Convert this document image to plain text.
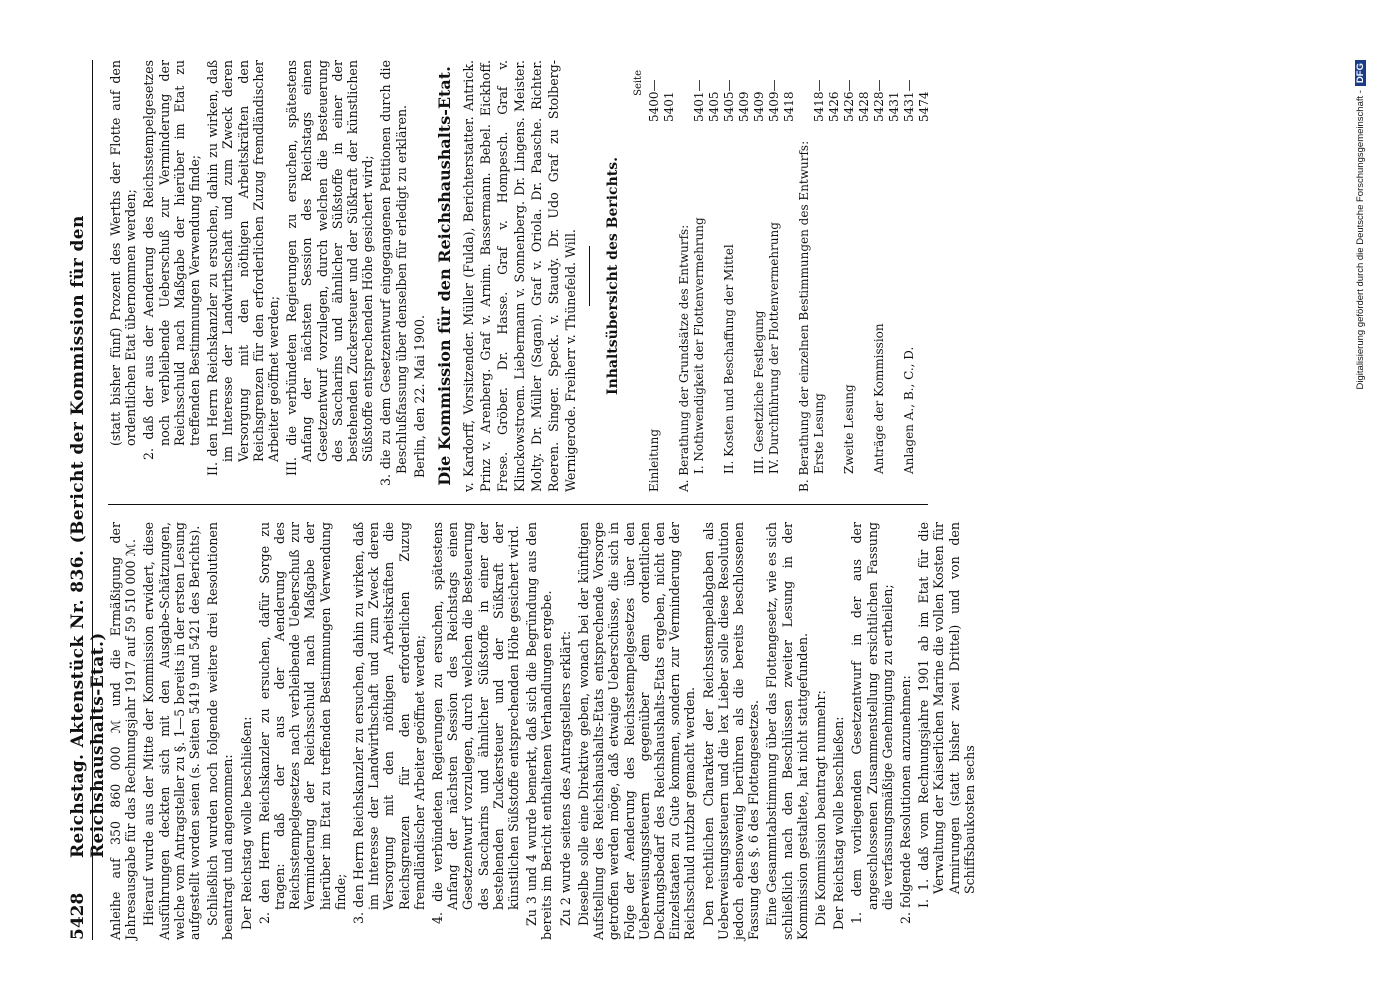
5428
Reichstag. Aktenstück Nr. 836. (Bericht der Kommission für den Reichshaushalts-Etat.) Anleihe auf 350 860 000 ℳ und die Ermäßigung der Jahresausgabe für das Rechnungsjahr 1917 auf 59 510 000 ℳ. Hierauf wurde aus der Mitte der Kommission erwidert, diese Ausführungen deckten sich mit den Ausgabe-Schätzungen, welche vom Antragsteller zu §. 1—5 bereits in der ersten Lesung aufgestellt worden seien (s. Seiten 5419 und 5421 des Berichts). Schließlich wurden noch folgende weitere drei Resolutionen beantragt und angenommen: Der Reichstag wolle beschließen: 2. den Herrn Reichskanzler zu ersuchen, dafür Sorge zu tragen: daß der aus der Aenderung des Reichsstempelgesetzes nach verbleibende Ueberschuß zur Verminderung der Reichsschuld nach Maßgabe der hierüber im Etat zu treffenden Bestimmungen Verwendung finde; 3. den Herrn Reichskanzler zu ersuchen, dahin zu wirken, daß im Interesse der Landwirthschaft und zum Zweck deren Versorgung mit den nöthigen Arbeitskräften die Reichsgrenzen für den erforderlichen Zuzug fremdländischer Arbeiter geöffnet werden; 4. die verbündeten Regierungen zu ersuchen, spätestens Anfang der nächsten Session des Reichstags einen Gesetzentwurf vorzulegen, durch welchen die Besteuerung des Saccharins und ähnlicher Süßstoffe in einer der bestehenden Zuckersteuer und der Süßkraft der künstlichen Süßstoffe entsprechenden Höhe gesichert wird. Zu 3 und 4 wurde bemerkt, daß sich die Begründung aus den bereits im Bericht enthaltenen Verhandlungen ergebe. Zu 2 wurde seitens des Antragstellers erklärt: Dieselbe solle eine Direktive geben, wonach bei der künftigen Aufstellung des Reichshaushalts-Etats entsprechende Vorsorge getroffen werden möge, daß etwaige Ueberschüsse, die sich in Folge der Aenderung des Reichsstempelgesetzes über den Ueberweisungssteuern gegenüber dem ordentlichen Deckungsbedarf des Reichshaushalts-Etats ergeben, nicht den Einzelstaaten zu Gute kommen, sondern zur Verminderung der Reichsschuld nutzbar gemacht werden. Den rechtlichen Charakter der Reichsstempelabgaben als Ueberweisungssteuern und die lex Lieber solle diese Resolution jedoch ebensowenig berühren als die bereits beschlossenen Fassung des §. 6 des Flottengesetzes. Eine Gesammtabstimmung über das Flottengesetz, wie es sich schließlich nach den Beschlüssen zweiter Lesung in der Kommission gestaltete, hat nicht stattgefunden. Die Kommission beantragt nunmehr: Der Reichstag wolle beschließen: 1. dem vorliegenden Gesetzentwurf in der aus der angeschlossenen Zusammenstellung ersichtlichen Fassung die verfassungsmäßige Genehmigung zu ertheilen; 2. folgende Resolutionen anzunehmen: I. 1. daß vom Rechnungsjahre 1901 ab im Etat für die Verwaltung der Kaiserlichen Marine die vollen Kosten für Armirungen (statt bisher zwei Drittel) und von den Schiffsbaukosten sechs

(statt bisher fünf) Prozent des Werths der Flotte auf den ordentlichen Etat übernommen werden; 2. daß der aus der Aenderung des Reichsstempelgesetzes noch verbleibende Ueberschuß zur Verminderung der Reichsschuld nach Maßgabe der hierüber im Etat zu treffenden Bestimmungen Verwendung finde; II. den Herrn Reichskanzler zu ersuchen, dahin zu wirken, daß im Interesse der Landwirthschaft und zum Zweck deren Versorgung mit den nöthigen Arbeitskräften den Reichsgrenzen für den erforderlichen Zuzug fremdländischer Arbeiter geöffnet werden; III. die verbündeten Regierungen zu ersuchen, spätestens Anfang der nächsten Session des Reichstags einen Gesetzentwurf vorzulegen, durch welchen die Besteuerung des Saccharins und ähnlicher Süßstoffe in einer der bestehenden Zuckersteuer und der Süßkraft der künstlichen Süßstoffe entsprechenden Höhe gesichert wird; 3. die zu dem Gesetzentwurf eingegangenen Petitionen durch die Beschlußfassung über denselben für erledigt zu erklären. Berlin, den 22. Mai 1900. Die Kommission für den Reichshaushalts-Etat. v. Kardorff, Vorsitzender. Müller (Fulda), Berichterstatter. Antrick. Prinz v. Arenberg. Graf v. Arnim. Bassermann. Bebel. Eickhoff. Frese. Gröber. Dr. Hasse. Graf v. Hompesch. Graf v. Klinckowstroem. Liebermann v. Sonnenberg. Dr. Lingens. Meister. Molty. Dr. Müller (Sagan). Graf v. Oriola. Dr. Paasche. Richter. Roeren. Singer. Speck. v. Staudy. Dr. Udo Graf zu Stolberg-Wernigerode. Freiherr v. Thünefeld. Will. Inhaltsübersicht des Berichts.
Seite
Einleitung	5400—5401
A. Berathung der Grundsätze des Entwurfs:	
I. Nothwendigkeit der Flottenvermehrung	5401—5405
II. Kosten und Beschaffung der Mittel	5405—5409
III. Gesetzliche Festlegung	5409
IV. Durchführung der Flottenvermehrung	5409—5418
B. Berathung der einzelnen Bestimmungen des Entwurfs:	
Erste Lesung	5418—5426
Zweite Lesung	5426—5428
Anträge der Kommission	5428—5431
Anlagen A., B., C., D.	5431—5474	Digitalisierung gefördert durch die Deutsche Forschungsgemeinschaft -DFG
